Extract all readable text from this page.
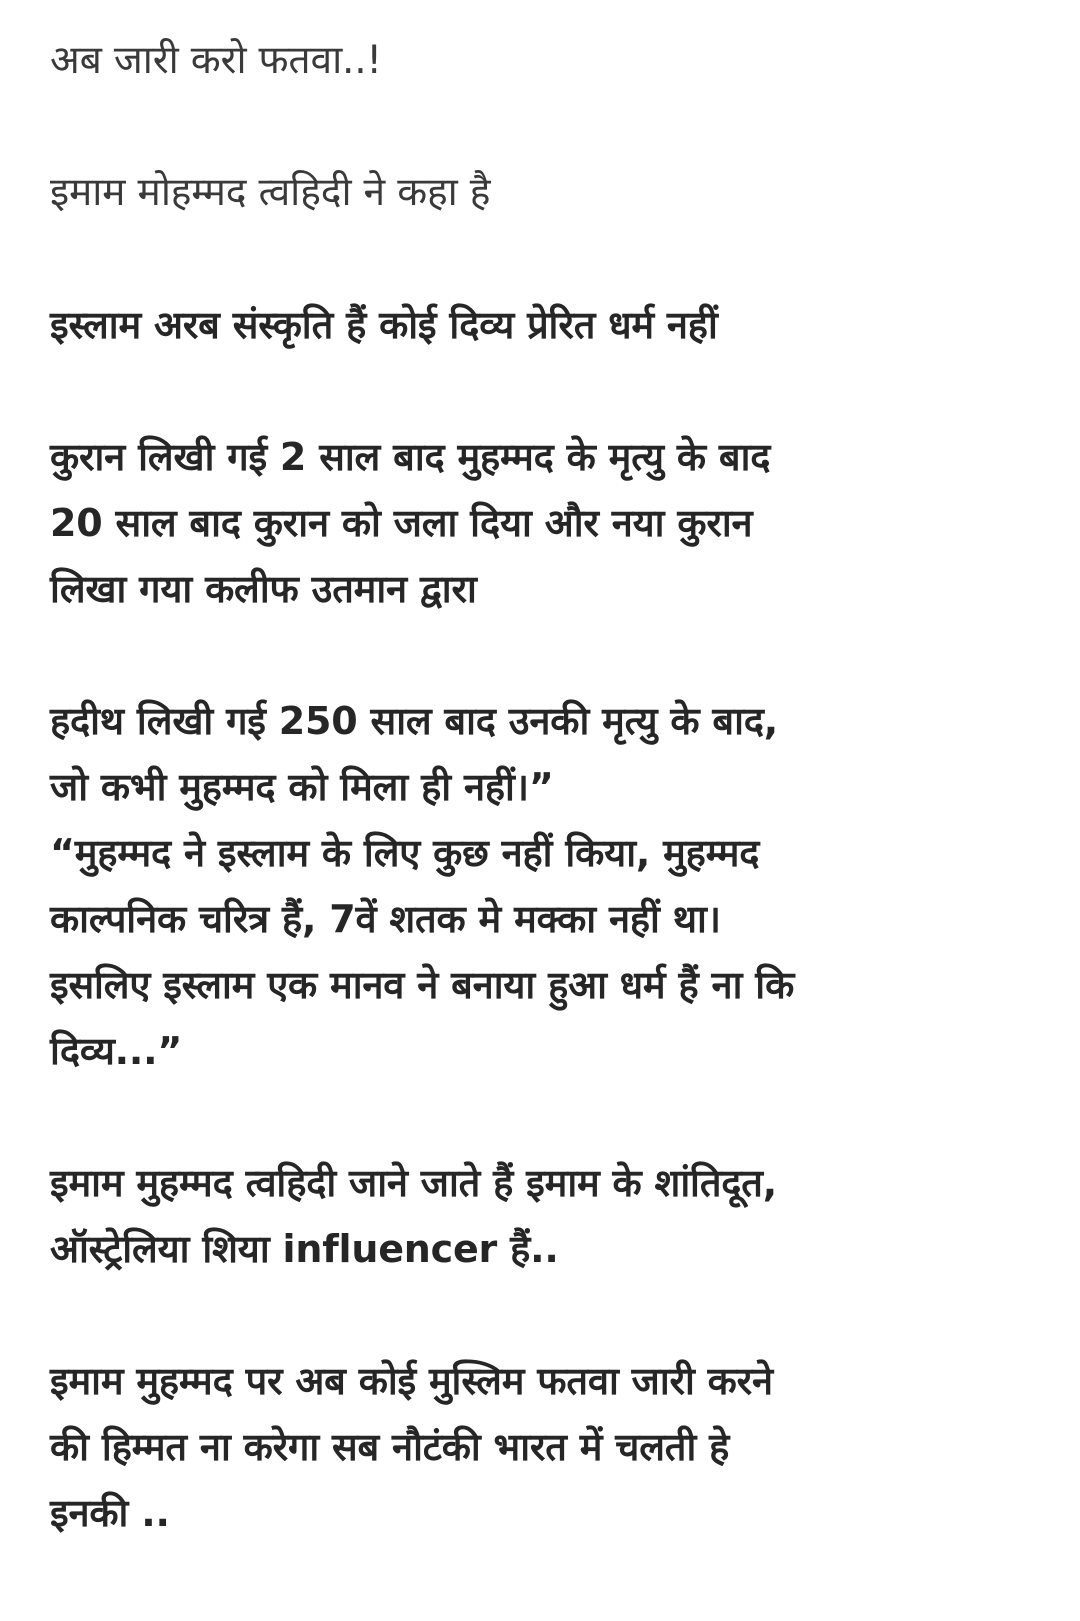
अब जारी करो फतवा..!

इमाम मोहम्मद त्वहिदी ने कहा है

इस्लाम अरब संस्कृति हैं कोई दिव्य प्रेरित धर्म नहीं

कुरान लिखी गई 2 साल बाद मुहम्मद के मृत्यु के बाद
20 साल बाद कुरान को जला दिया और नया कुरान
लिखा गया कलीफ उतमान द्वारा

हदीथ लिखी गई 250 साल बाद उनकी मृत्यु के बाद,
जो कभी मुहम्मद को मिला ही नहीं।”
“मुहम्मद ने इस्लाम के लिए कुछ नहीं किया, मुहम्मद
काल्पनिक चरित्र हैं, 7वें शतक मे मक्का नहीं था।
इसलिए इस्लाम एक मानव ने बनाया हुआ धर्म हैं ना कि
दिव्य...”

इमाम मुहम्मद त्वहिदी जाने जाते हैं इमाम के शांतिदूत,
ऑस्ट्रेलिया शिया influencer हैं..

इमाम मुहम्मद पर अब कोई मुस्लिम फतवा जारी करने
की हिम्मत ना करेगा सब नौटंकी भारत में चलती हे
इनकी ..
